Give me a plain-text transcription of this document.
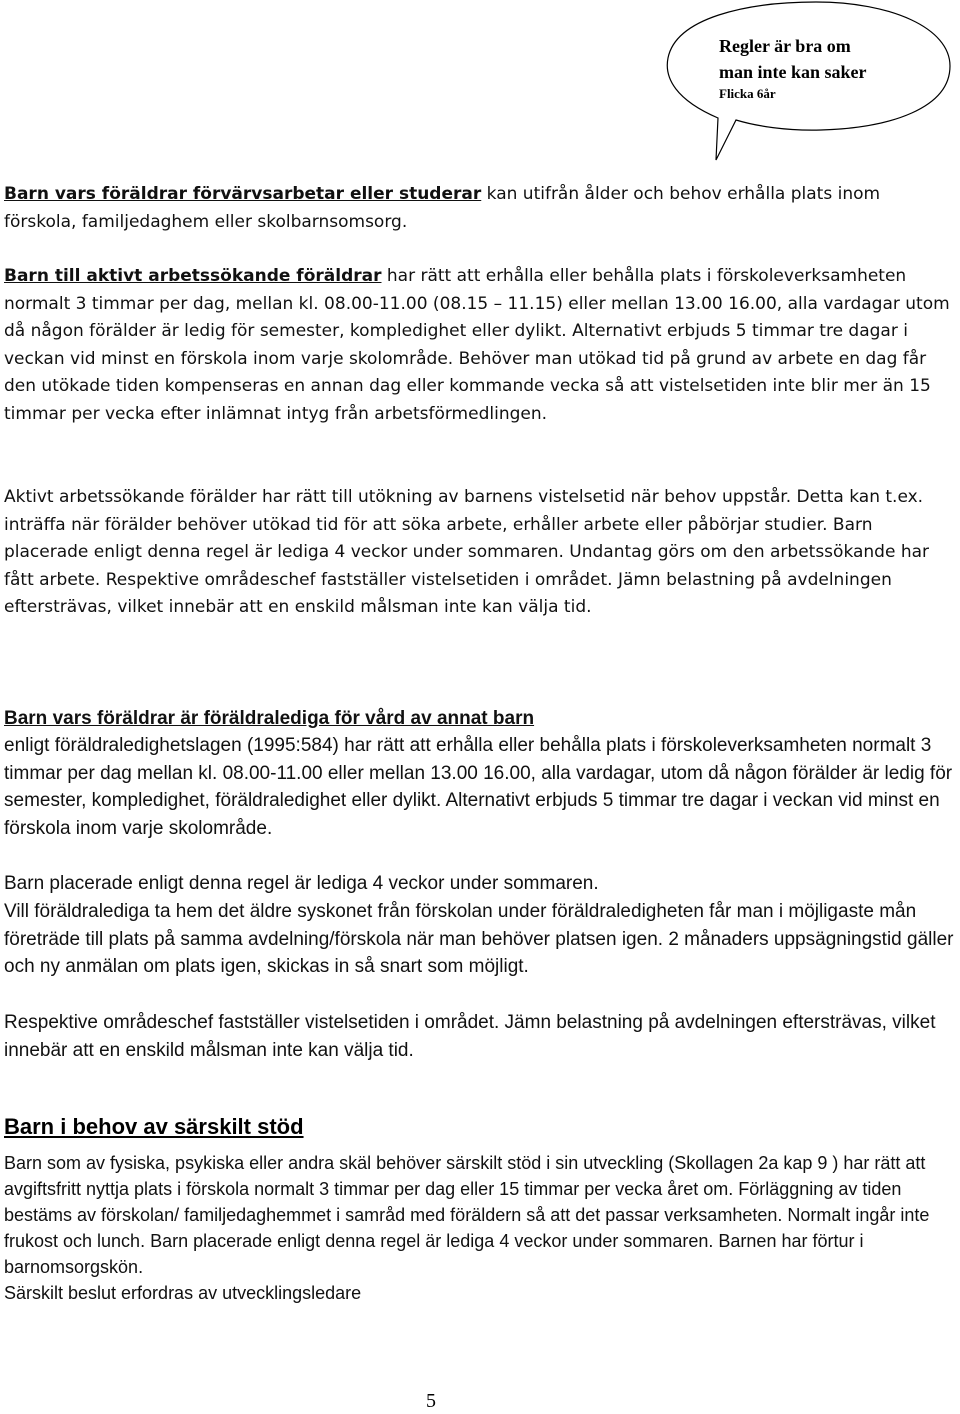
Regler är bra om
man inte kan saker
Flicka 6år

Barn vars föräldrar förvärvsarbetar eller studerar kan utifrån ålder och behov erhålla plats inom förskola, familjedaghem eller skolbarnsomsorg.

Barn till aktivt arbetssökande föräldrar har rätt att erhålla eller behålla plats i förskoleverksamheten normalt 3 timmar per dag, mellan kl. 08.00-11.00 (08.15 – 11.15) eller mellan 13.00 16.00, alla vardagar utom då någon förälder är ledig för semester, kompledighet eller dylikt. Alternativt erbjuds 5 timmar tre dagar i veckan vid minst en förskola inom varje skolområde. Behöver man utökad tid på grund av arbete en dag får den utökade tiden kompenseras en annan dag eller kommande vecka så att vistelsetiden inte blir mer än 15 timmar per vecka efter inlämnat intyg från arbetsförmedlingen.

Aktivt arbetssökande förälder har rätt till utökning av barnens vistelsetid när behov uppstår. Detta kan t.ex. inträffa när förälder behöver utökad tid för att söka arbete, erhåller arbete eller påbörjar studier. Barn placerade enligt denna regel är lediga 4 veckor under sommaren. Undantag görs om den arbetssökande har fått arbete. Respektive områdeschef fastställer vistelsetiden i området. Jämn belastning på avdelningen eftersträvas, vilket innebär att en enskild målsman inte kan välja tid.

Barn vars föräldrar är föräldralediga för vård av annat barn

enligt föräldraledighetslagen (1995:584) har rätt att erhålla eller behålla plats i förskoleverksamheten normalt 3 timmar per dag mellan kl. 08.00-11.00 eller mellan 13.00 16.00, alla vardagar, utom då någon förälder är ledig för semester, kompledighet, föräldraledighet eller dylikt. Alternativt erbjuds 5 timmar tre dagar i veckan vid minst en förskola inom varje skolområde.

Barn placerade enligt denna regel är lediga 4 veckor under sommaren.

Vill föräldralediga ta hem det äldre syskonet från förskolan under föräldraledigheten får man i möjligaste mån företräde till plats på samma avdelning/förskola när man behöver platsen igen. 2 månaders uppsägningstid gäller och ny anmälan om plats igen, skickas in så snart som möjligt.

Respektive områdeschef fastställer vistelsetiden i området. Jämn belastning på avdelningen eftersträvas, vilket innebär att en enskild målsman inte kan välja tid.

Barn i behov av särskilt stöd

Barn som av fysiska, psykiska eller andra skäl behöver särskilt stöd i sin utveckling (Skollagen 2a kap 9 ) har rätt att avgiftsfritt nyttja plats i förskola normalt 3 timmar per dag eller 15 timmar per vecka året om. Förläggning av tiden bestäms av förskolan/ familjedaghemmet i samråd med föräldern så att det passar verksamheten. Normalt ingår inte frukost och lunch. Barn placerade enligt denna regel är lediga 4 veckor under sommaren. Barnen har förtur i barnomsorgskön.
Särskilt beslut erfordras av utvecklingsledare

5
